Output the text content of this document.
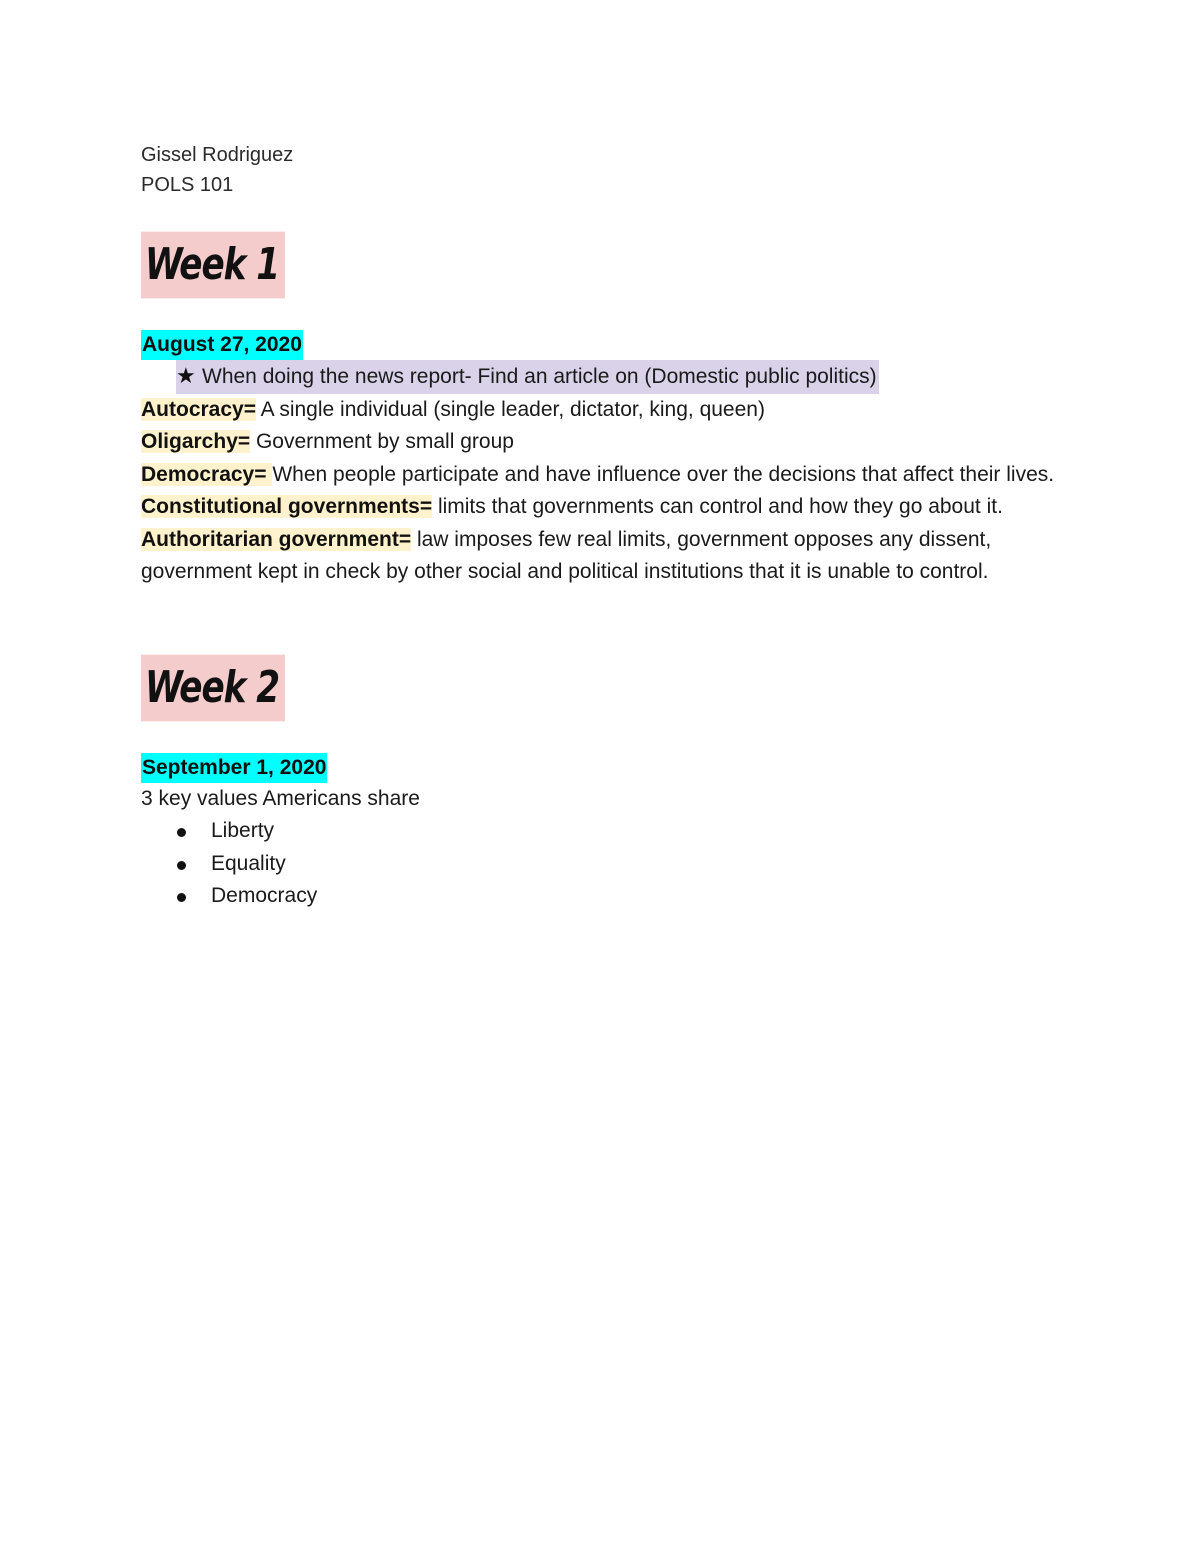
Gissel Rodriguez

POLS 101

Week 1
August 27, 2020

★ When doing the news report- Find an article on (Domestic public politics)

Autocracy= A single individual (single leader, dictator, king, queen)

Oligarchy= Government by small group

Democracy= When people participate and have influence over the decisions that affect their lives.

Constitutional governments= limits that governments can control and how they go about it.

Authoritarian government= law imposes few real limits, government opposes any dissent, government kept in check by other social and political institutions that it is unable to control.

Week 2
September 1, 2020

3 key values Americans share

Liberty
Equality
Democracy
